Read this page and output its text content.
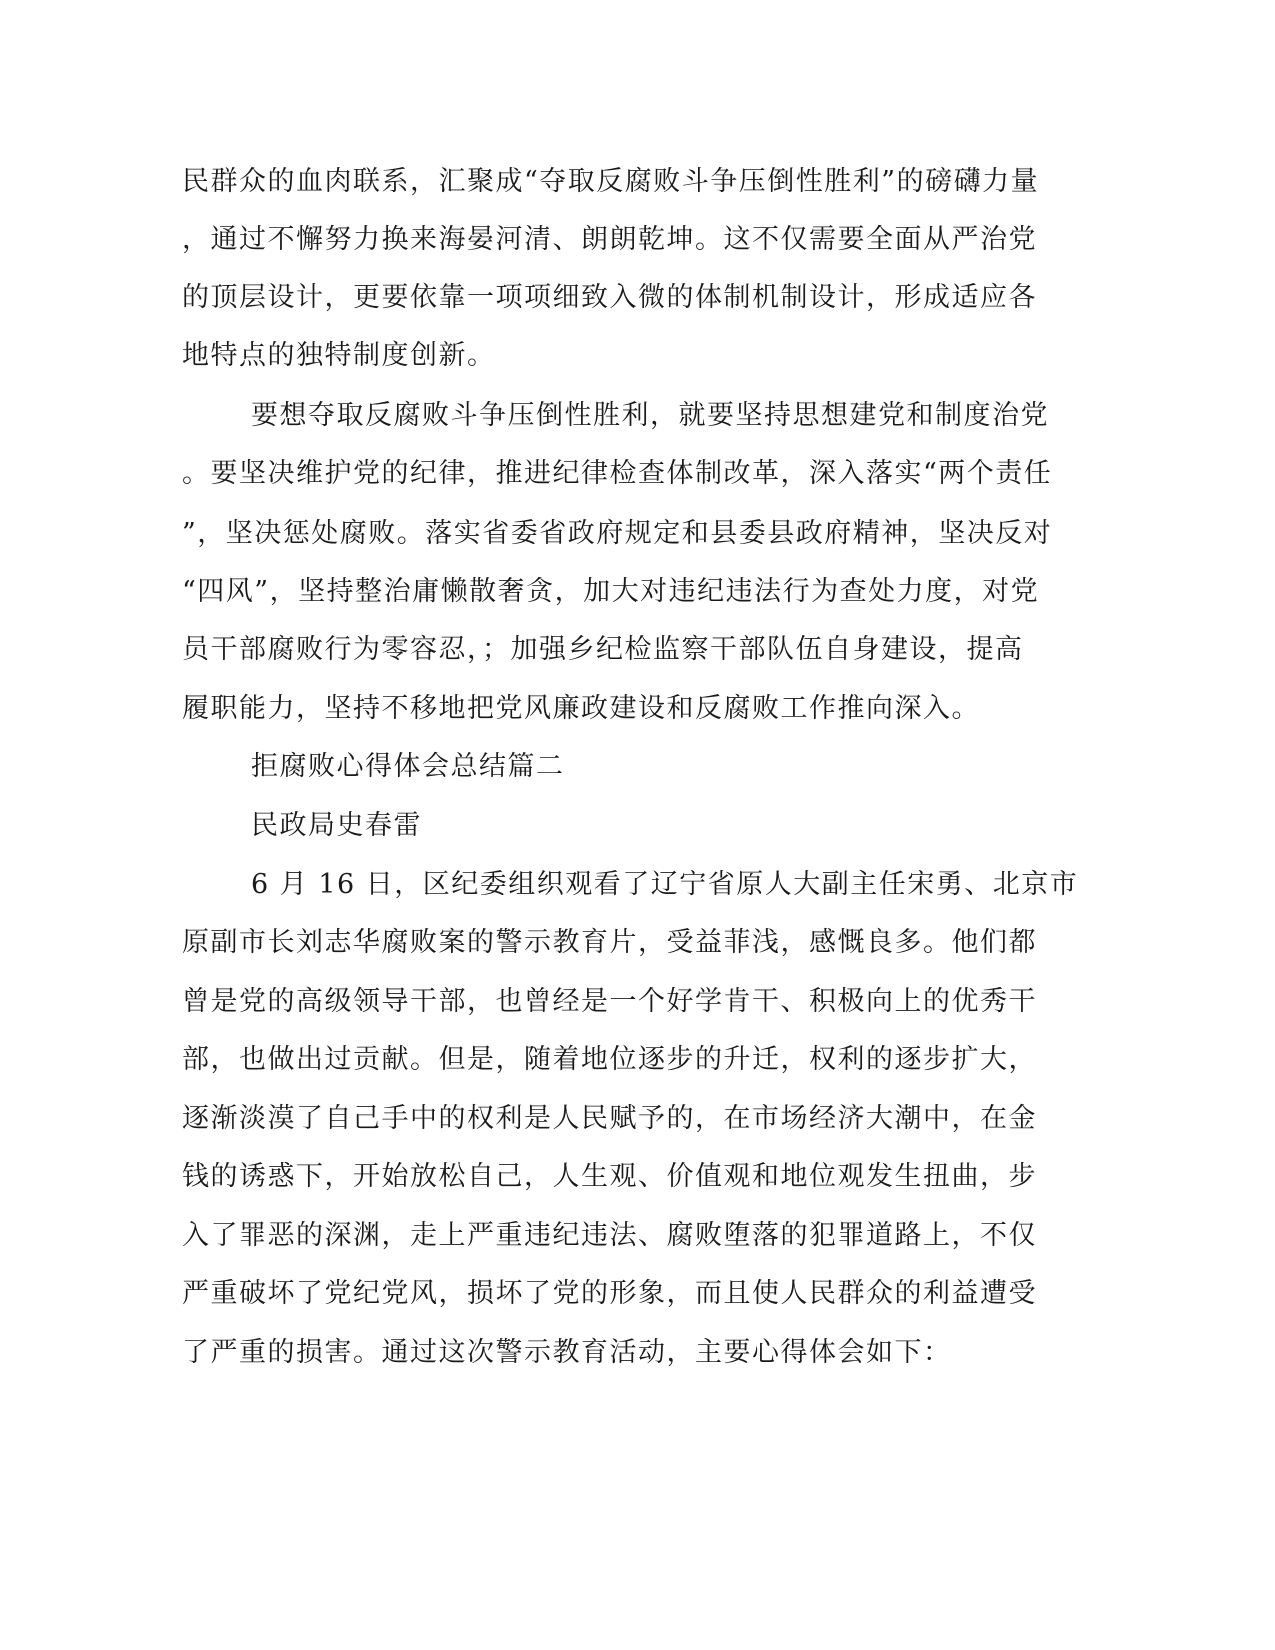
民群众的血肉联系，汇聚成“夺取反腐败斗争压倒性胜利”的磅礴力量
，通过不懈努力换来海晏河清、朗朗乾坤。这不仅需要全面从严治党
的顶层设计，更要依靠一项项细致入微的体制机制设计，形成适应各
地特点的独特制度创新。
要想夺取反腐败斗争压倒性胜利，就要坚持思想建党和制度治党
。要坚决维护党的纪律，推进纪律检查体制改革，深入落实“两个责任
”，坚决惩处腐败。落实省委省政府规定和县委县政府精神，坚决反对
“四风”，坚持整治庸懒散奢贪，加大对违纪违法行为查处力度，对党
员干部腐败行为零容忍，；加强乡纪检监察干部队伍自身建设，提高
履职能力，坚持不移地把党风廉政建设和反腐败工作推向深入。
拒腐败心得体会总结篇二
民政局史春雷
6 月 16 日，区纪委组织观看了辽宁省原人大副主任宋勇、北京市
原副市长刘志华腐败案的警示教育片，受益菲浅，感慨良多。他们都
曾是党的高级领导干部，也曾经是一个好学肯干、积极向上的优秀干
部，也做出过贡献。但是，随着地位逐步的升迁，权利的逐步扩大，
逐渐淡漠了自己手中的权利是人民赋予的，在市场经济大潮中，在金
钱的诱惑下，开始放松自己，人生观、价值观和地位观发生扭曲，步
入了罪恶的深渊，走上严重违纪违法、腐败堕落的犯罪道路上，不仅
严重破坏了党纪党风，损坏了党的形象，而且使人民群众的利益遭受
了严重的损害。通过这次警示教育活动，主要心得体会如下：
